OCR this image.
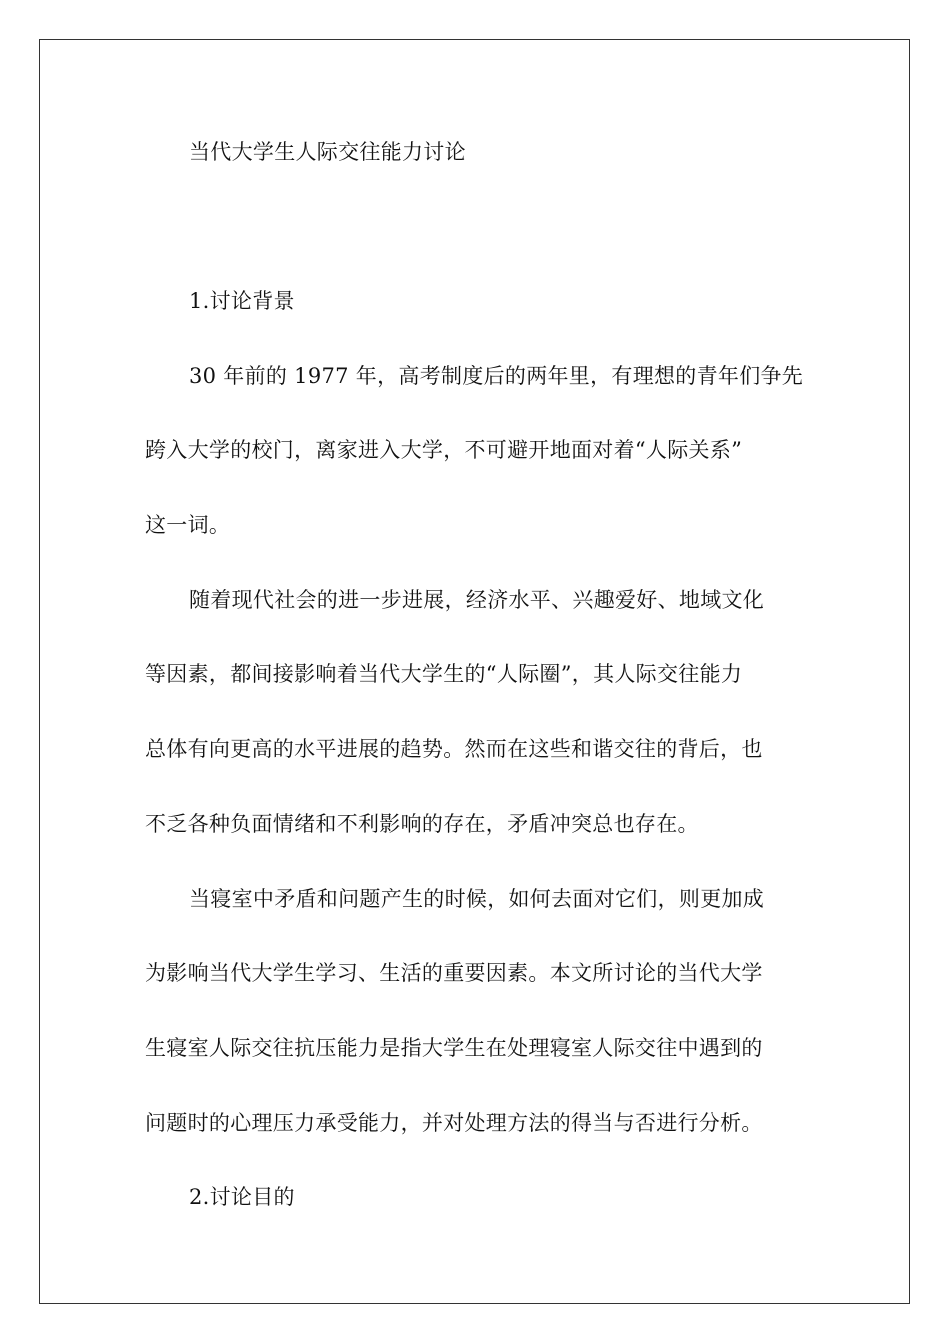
当代大学生人际交往能力讨论
1.讨论背景
30 年前的 1977 年，高考制度后的两年里，有理想的青年们争先
跨入大学的校门，离家进入大学，不可避开地面对着“人际关系”
这一词。
随着现代社会的进一步进展，经济水平、兴趣爱好、地域文化
等因素，都间接影响着当代大学生的“人际圈”，其人际交往能力
总体有向更高的水平进展的趋势。然而在这些和谐交往的背后，也
不乏各种负面情绪和不利影响的存在，矛盾冲突总也存在。
当寝室中矛盾和问题产生的时候，如何去面对它们，则更加成
为影响当代大学生学习、生活的重要因素。本文所讨论的当代大学
生寝室人际交往抗压能力是指大学生在处理寝室人际交往中遇到的
问题时的心理压力承受能力，并对处理方法的得当与否进行分析。
2.讨论目的
